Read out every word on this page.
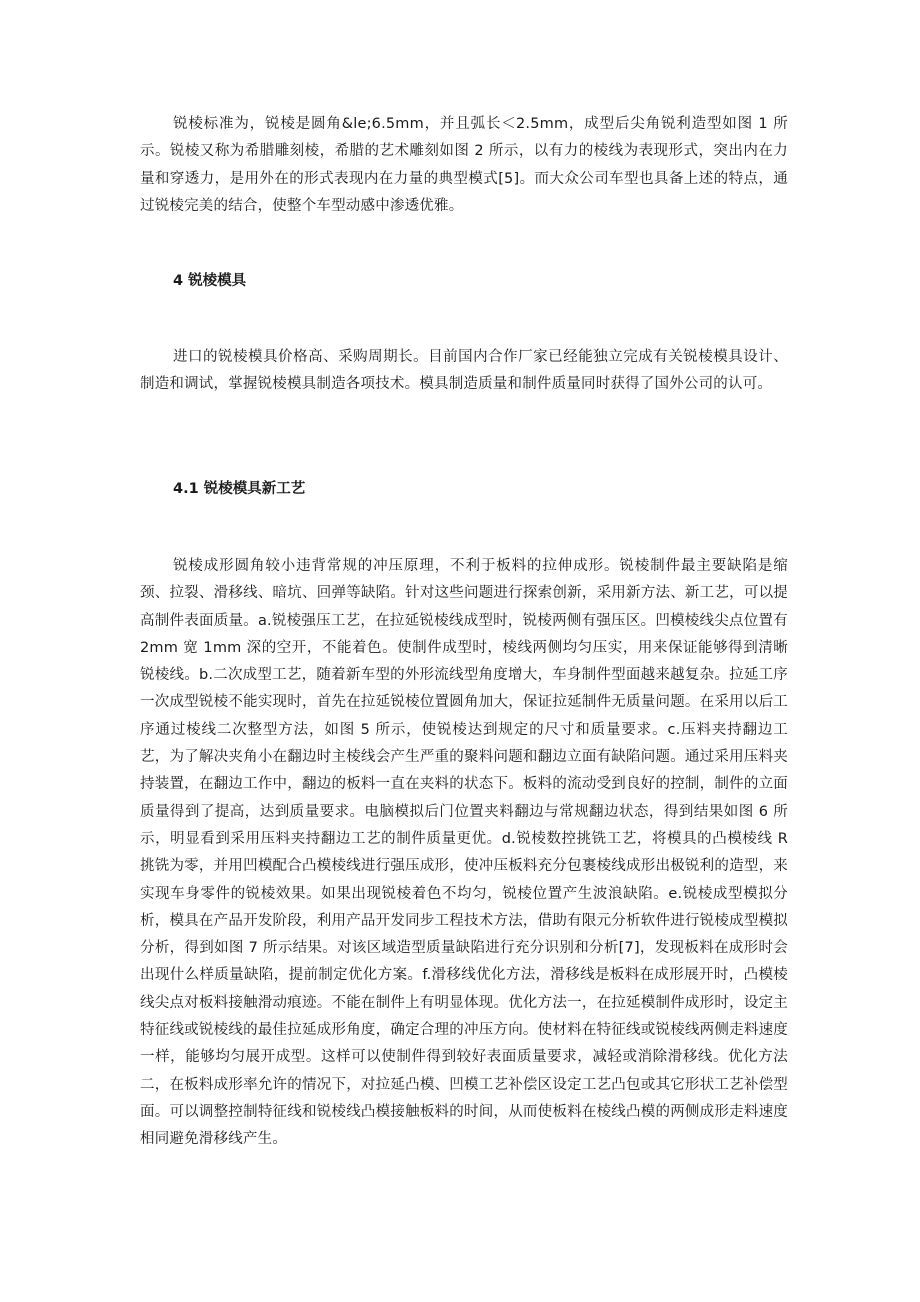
锐棱标准为，锐棱是圆角&le;6.5mm，并且弧长＜2.5mm，成型后尖角锐利造型如图 1 所示。锐棱又称为希腊雕刻棱，希腊的艺术雕刻如图 2 所示，以有力的棱线为表现形式，突出内在力量和穿透力，是用外在的形式表现内在力量的典型模式[5]。而大众公司车型也具备上述的特点，通过锐棱完美的结合，使整个车型动感中渗透优雅。

4 锐棱模具

进口的锐棱模具价格高、采购周期长。目前国内合作厂家已经能独立完成有关锐棱模具设计、制造和调试，掌握锐棱模具制造各项技术。模具制造质量和制件质量同时获得了国外公司的认可。

4.1 锐棱模具新工艺

锐棱成形圆角较小违背常规的冲压原理，不利于板料的拉伸成形。锐棱制件最主要缺陷是缩颈、拉裂、滑移线、暗坑、回弹等缺陷。针对这些问题进行探索创新，采用新方法、新工艺，可以提高制件表面质量。a.锐棱强压工艺，在拉延锐棱线成型时，锐棱两侧有强压区。凹模棱线尖点位置有 2mm 宽 1mm 深的空开，不能着色。使制件成型时，棱线两侧均匀压实，用来保证能够得到清晰锐棱线。b.二次成型工艺，随着新车型的外形流线型角度增大，车身制件型面越来越复杂。拉延工序一次成型锐棱不能实现时，首先在拉延锐棱位置圆角加大，保证拉延制件无质量问题。在采用以后工序通过棱线二次整型方法，如图 5 所示，使锐棱达到规定的尺寸和质量要求。c.压料夹持翻边工艺，为了解决夹角小在翻边时主棱线会产生严重的聚料问题和翻边立面有缺陷问题。通过采用压料夹持装置，在翻边工作中，翻边的板料一直在夹料的状态下。板料的流动受到良好的控制，制件的立面质量得到了提高，达到质量要求。电脑模拟后门位置夹料翻边与常规翻边状态，得到结果如图 6 所示，明显看到采用压料夹持翻边工艺的制件质量更优。d.锐棱数控挑铣工艺，将模具的凸模棱线 R 挑铣为零，并用凹模配合凸模棱线进行强压成形，使冲压板料充分包裹棱线成形出极锐利的造型，来实现车身零件的锐棱效果。如果出现锐棱着色不均匀，锐棱位置产生波浪缺陷。e.锐棱成型模拟分析，模具在产品开发阶段，利用产品开发同步工程技术方法，借助有限元分析软件进行锐棱成型模拟分析，得到如图 7 所示结果。对该区域造型质量缺陷进行充分识别和分析[7]，发现板料在成形时会出现什么样质量缺陷，提前制定优化方案。f.滑移线优化方法，滑移线是板料在成形展开时，凸模棱线尖点对板料接触滑动痕迹。不能在制件上有明显体现。优化方法一，在拉延模制件成形时，设定主特征线或锐棱线的最佳拉延成形角度，确定合理的冲压方向。使材料在特征线或锐棱线两侧走料速度一样，能够均匀展开成型。这样可以使制件得到较好表面质量要求，减轻或消除滑移线。优化方法二，在板料成形率允许的情况下，对拉延凸模、凹模工艺补偿区设定工艺凸包或其它形状工艺补偿型面。可以调整控制特征线和锐棱线凸模接触板料的时间，从而使板料在棱线凸模的两侧成形走料速度相同避免滑移线产生。
